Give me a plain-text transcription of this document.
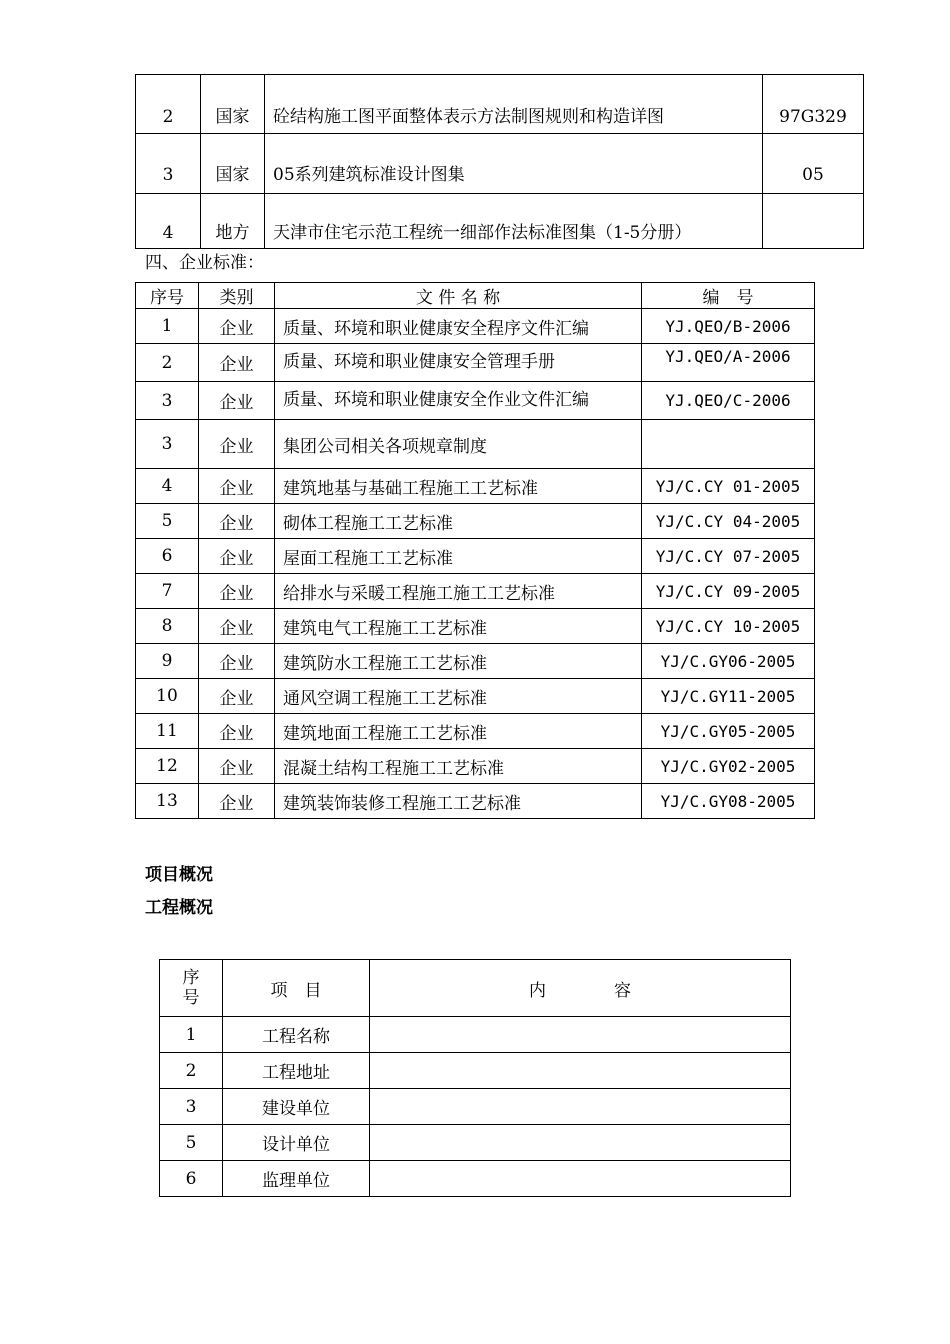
2	国家	砼结构施工图平面整体表示方法制图规则和构造详图	97G329
3	国家	05系列建筑标准设计图集	05
4	地方	天津市住宅示范工程统一细部作法标准图集（1-5分册）	
四、企业标准：
序号	类别	文 件 名 称	编　号
1	企业	质量、环境和职业健康安全程序文件汇编	YJ.QEO/B-2006
2	企业	质量、环境和职业健康安全管理手册	YJ.QEO/A-2006
3	企业	质量、环境和职业健康安全作业文件汇编	YJ.QEO/C-2006
3	企业	集团公司相关各项规章制度	
4	企业	建筑地基与基础工程施工工艺标准	YJ/C.CY 01-2005
5	企业	砌体工程施工工艺标准	YJ/C.CY 04-2005
6	企业	屋面工程施工工艺标准	YJ/C.CY 07-2005
7	企业	给排水与采暖工程施工施工工艺标准	YJ/C.CY 09-2005
8	企业	建筑电气工程施工工艺标准	YJ/C.CY 10-2005
9	企业	建筑防水工程施工工艺标准	YJ/C.GY06-2005
10	企业	通风空调工程施工工艺标准	YJ/C.GY11-2005
11	企业	建筑地面工程施工工艺标准	YJ/C.GY05-2005
12	企业	混凝土结构工程施工工艺标准	YJ/C.GY02-2005
13	企业	建筑装饰装修工程施工工艺标准	YJ/C.GY08-2005
项目概况
工程概况
序
号	项　目	内　　　　容
1	工程名称	
2	工程地址	
3	建设单位	
5	设计单位	
6	监理单位	
